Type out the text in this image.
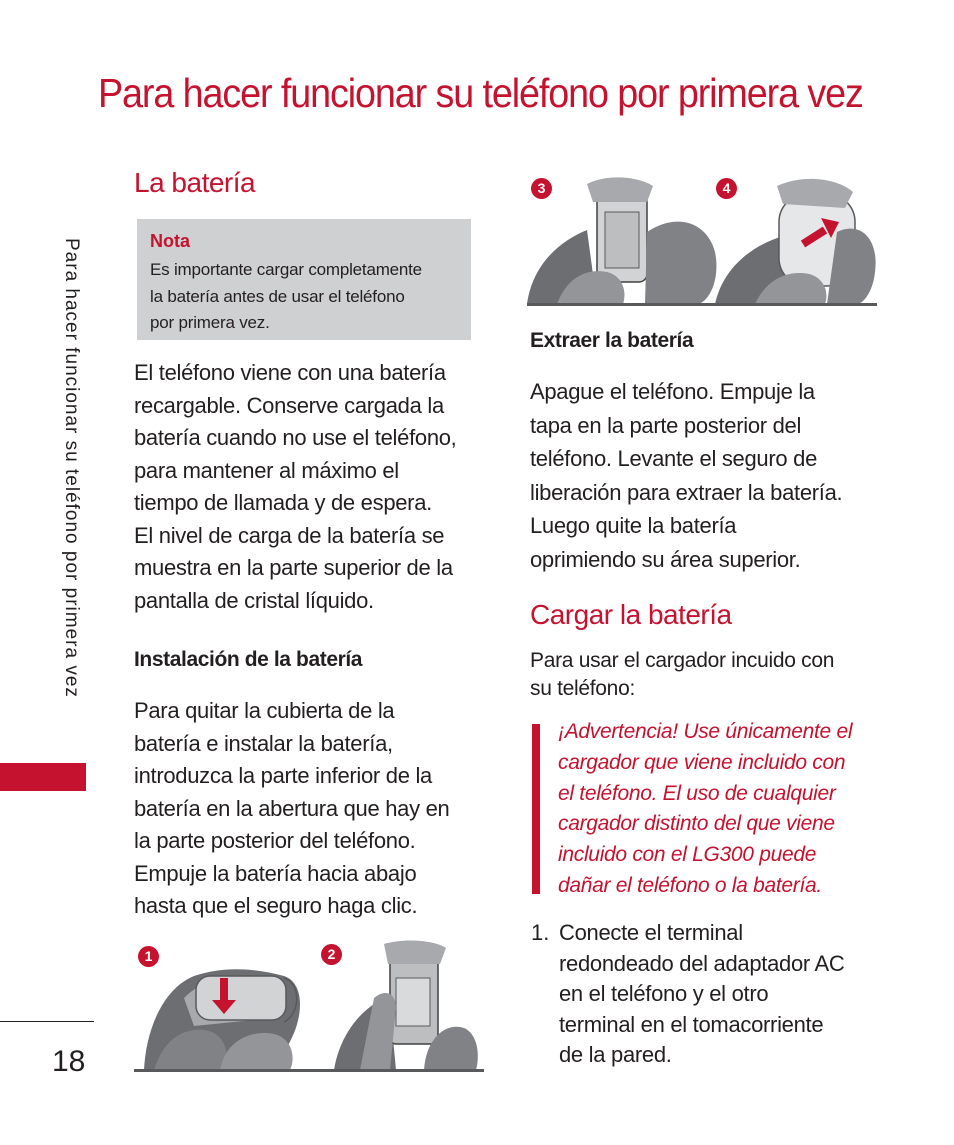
Para hacer funcionar su teléfono por primera vez
Para hacer funcionar su teléfono por primera vez
18
La batería
Nota
Es importante cargar completamente
la batería antes de usar el teléfono
por primera vez.
El teléfono viene con una batería
recargable. Conserve cargada la
batería cuando no use el teléfono,
para mantener al máximo el
tiempo de llamada y de espera.
El nivel de carga de la batería se
muestra en la parte superior de la
pantalla de cristal líquido.
Instalación de la batería
Para quitar la cubierta de la
batería e instalar la batería,
introduzca la parte inferior de la
batería en la abertura que hay en
la parte posterior del teléfono.
Empuje la batería hacia abajo
hasta que el seguro haga clic.
1	2
3	4
Extraer la batería
Apague el teléfono. Empuje la
tapa en la parte posterior del
teléfono. Levante el seguro de
liberación para extraer la batería.
Luego quite la batería
oprimiendo su área superior.
Cargar la batería
Para usar el cargador incuido con
su teléfono:
¡Advertencia! Use únicamente el
cargador que viene incluido con
el teléfono. El uso de cualquier
cargador distinto del que viene
incluido con el LG300 puede
dañar el teléfono o la batería.
1. Conecte el terminal
redondeado del adaptador AC
en el teléfono y el otro
terminal en el tomacorriente
de la pared.
